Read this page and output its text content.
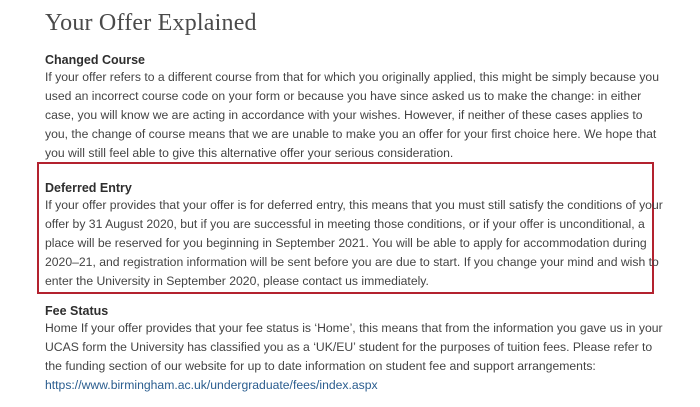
Your Offer Explained

Changed Course

If your offer refers to a different course from that for which you originally applied, this might be simply because you used an incorrect course code on your form or because you have since asked us to make the change: in either case, you will know we are acting in accordance with your wishes. However, if neither of these cases applies to you, the change of course means that we are unable to make you an offer for your first choice here. We hope that you will still feel able to give this alternative offer your serious consideration.

Deferred Entry

If your offer provides that your offer is for deferred entry, this means that you must still satisfy the conditions of your offer by 31 August 2020, but if you are successful in meeting those conditions, or if your offer is unconditional, a place will be reserved for you beginning in September 2021. You will be able to apply for accommodation during 2020–21, and registration information will be sent before you are due to start. If you change your mind and wish to enter the University in September 2020, please contact us immediately.

Fee Status

Home If your offer provides that your fee status is ‘Home’, this means that from the information you gave us in your UCAS form the University has classified you as a ‘UK/EU’ student for the purposes of tuition fees. Please refer to the funding section of our website for up to date information on student fee and support arrangements:
https://www.birmingham.ac.uk/undergraduate/fees/index.aspx
